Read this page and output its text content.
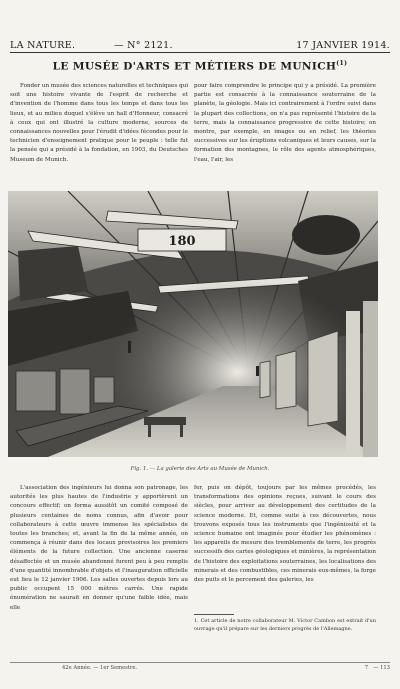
LA NATURE.	— N° 2121.	17 JANVIER 1914.
LE MUSÉE D'ARTS ET MÉTIERS DE MUNICH$^{(1)}$

Fonder un musée des sciences naturelles et techniques qui soit une histoire vivante de l'esprit de recherche et d'invention de l'homme dans tous les temps et dans tous les lieux, et au milieu duquel s'élève un hall d'Honneur, consacré à ceux qui ont illustré la culture moderne, sources de connaissances nouvelles pour l'érudit d'idées fécondes pour le technicien d'enseignement pratique pour le peuple : telle fut la pensée qui a présidé à la fondation, en 1903, du Deutsches Museum de Munich.

pour faire comprendre le principe qui y a présidé. La première partie est consacrée à la connaissance souterraine de la planète, la géologie. Mais ici contrairement à l'ordre suivi dans la plupart des collections, on n'a pas représenté l'histoire de la terre, mais la connaissance progressive de cette histoire; on montre, par exemple, en images ou en relief, les théories successives sur les éruptions volcaniques et leurs causes, sur la formation des montagnes, le rôle des agents atmosphériques, l'eau, l'air, les

Fig. 1. — La galerie des Arts au Musée de Munich.

L'association des ingénieurs lui donna son patronage, les autorités les plus hautes de l'industrie y apportèrent un concours effectif; on forma aussitôt un comité composé de plusieurs centaines de noms connus, afin d'avoir pour collaborateurs à cette œuvre immense les spécialistes de toutes les branches; et, avant la fin de la même année, on commença à réunir dans des locaux provisoires les premiers éléments de la future collection. Une ancienne caserne désaffectée et un musée abandonné furent peu à peu remplis d'une quantité innombrable d'objets et l'inauguration officielle eut lieu le 12 janvier 1906. Les salles ouvertes depuis lors au public occupent 15 000 mètres carrés. Une rapide énumération ne saurait en donner qu'une faible idée, mais elle

fer, puis on dépôt, toujours par les mêmes procédés, les transformations des opinions reçues, suivant le cours des siècles, pour arriver au développement des certitudes de la science moderne. Et, comme suite à ces découvertes, nous trouvons exposés tous les instruments que l'ingéniosité et la science humaine ont imaginés pour étudier les phénomènes : les appareils de mesure des tremblements de terre, les progrès successifs des cartes géologiques et minières, la représentation de l'histoire des exploitations souterraines, les localisations des minerais et des combustibles, ces minerais eux-mêmes, la forge des puits et le percement des galeries, les

1. Cet article de notre collaborateur M. Victor Cambon est extrait d'un ouvrage qu'il prépare sur les derniers progrès de l'Allemagne.
42e Année. — 1er Semestre.	7 — 113
